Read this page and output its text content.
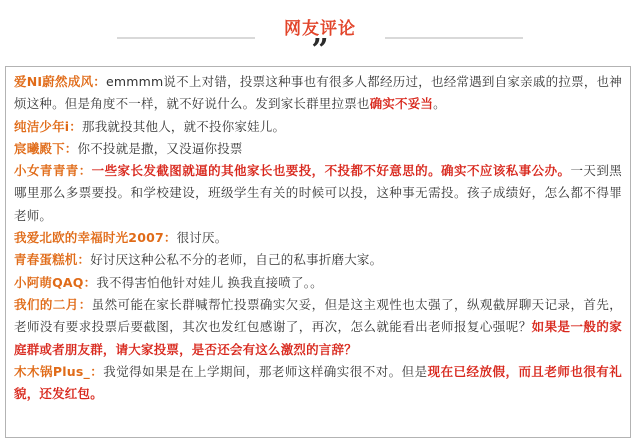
网友评论
”
爱NI蔚然成风：emmmm说不上对错，投票这种事也有很多人都经历过，也经常遇到自家亲戚的拉票，也神烦这种。但是角度不一样，就不好说什么。发到家长群里拉票也确实不妥当。
纯洁少年i：那我就投其他人，就不投你家娃儿。
宸曦殿下：你不投就是撒，又没逼你投票
小女青青青：一些家长发截图就逼的其他家长也要投，不投都不好意思的。确实不应该私事公办。一天到黑哪里那么多票要投。和学校建设，班级学生有关的时候可以投，这种事无需投。孩子成绩好，怎么都不得罪老师。
我爱北欧的幸福时光2007：很讨厌。
青春蛋糕机：好讨厌这种公私不分的老师，自己的私事折磨大家。
小阿萌QAQ：我不得害怕他针对娃儿 换我直接喷了。。
我们的二月：虽然可能在家长群喊帮忙投票确实欠妥，但是这主观性也太强了，纵观截屏聊天记录，首先，老师没有要求投票后要截图，其次也发红包感谢了，再次，怎么就能看出老师报复心强呢？如果是一般的家庭群或者朋友群，请大家投票，是否还会有这么激烈的言辞？
木木锅Plus_：我觉得如果是在上学期间，那老师这样确实很不对。但是现在已经放假，而且老师也很有礼貌，还发红包。
